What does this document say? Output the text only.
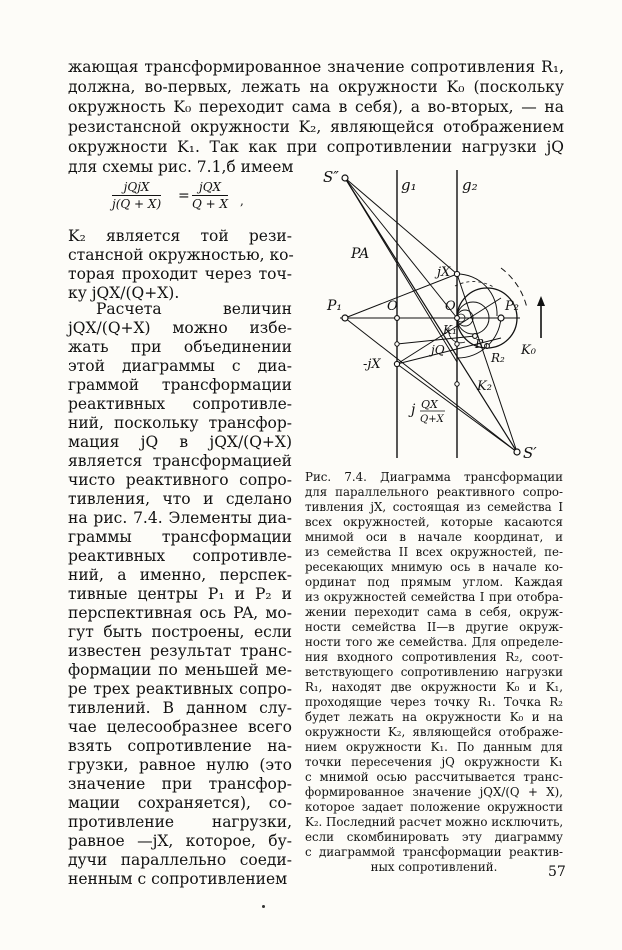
жающая трансформированное значение сопротивления R₁,
должна, во-первых, лежать на окружности K₀ (поскольку
окружность K₀ переходит сама в себя), а во-вторых, — на
резистансной окружности K₂, являющейся отображением
окружности K₁. Так как при сопротивлении нагрузки jQ
для схемы рис. 7.1,б имеем
jQjX
j(Q + X) =
jQX
Q + X ,
K₂ является той рези-
стансной окружностью, ко-
торая проходит через точ-
ку jQX/(Q+X).
Расчета величин
jQX/(Q+X) можно избе-
жать при объединении
этой диаграммы с диа-
граммой трансформации
реактивных сопротивле-
ний, поскольку трансфор-
мация jQ в jQX/(Q+X)
является трансформацией
чисто реактивного сопро-
тивления, что и сделано
на рис. 7.4. Элементы диа-
граммы трансформации
реактивных сопротивле-
ний, а именно, перспек-
тивные центры P₁ и P₂ и
перспективная ось PA, мо-
гут быть построены, если
известен результат транс-
формации по меньшей ме-
ре трех реактивных сопро-
тивлений. В данном слу-
чае целесообразнее всего
взять сопротивление на-
грузки, равное нулю (это
значение при трансфор-
мации сохраняется), со-
противление нагрузки,
равное —jX, которое, бу-
дучи параллельно соеди-
ненным с сопротивлением
S″
S′
g₁	g₂
PA
P₁	P₂
O	O
jX
-jX
K₁
R₁
R₂ K₀
K₂
jQ
j QX
Q+X
Рис. 7.4. Диаграмма трансформации
для параллельного реактивного сопро-
тивления jX, состоящая из семейства I
всех окружностей, которые касаются
мнимой оси в начале координат, и
из семейства II всех окружностей, пе-
ресекающих мнимую ось в начале ко-
ординат под прямым углом. Каждая
из окружностей семейства I при отобра-
жении переходит сама в себя, окруж-
ности семейства II—в другие окруж-
ности того же семейства. Для определе-
ния входного сопротивления R₂, соот-
ветствующего сопротивлению нагрузки
R₁, находят две окружности K₀ и K₁,
проходящие через точку R₁. Точка R₂
будет лежать на окружности K₀ и на
окружности K₂, являющейся отображе-
нием окружности K₁. По данным для
точки пересечения jQ окружности K₁
с мнимой осью рассчитывается транс-
формированное значение jQX/(Q + X),
которое задает положение окружности
K₂. Последний расчет можно исключить,
если скомбинировать эту диаграмму
с диаграммой трансформации реактив-
ных сопротивлений.	57
